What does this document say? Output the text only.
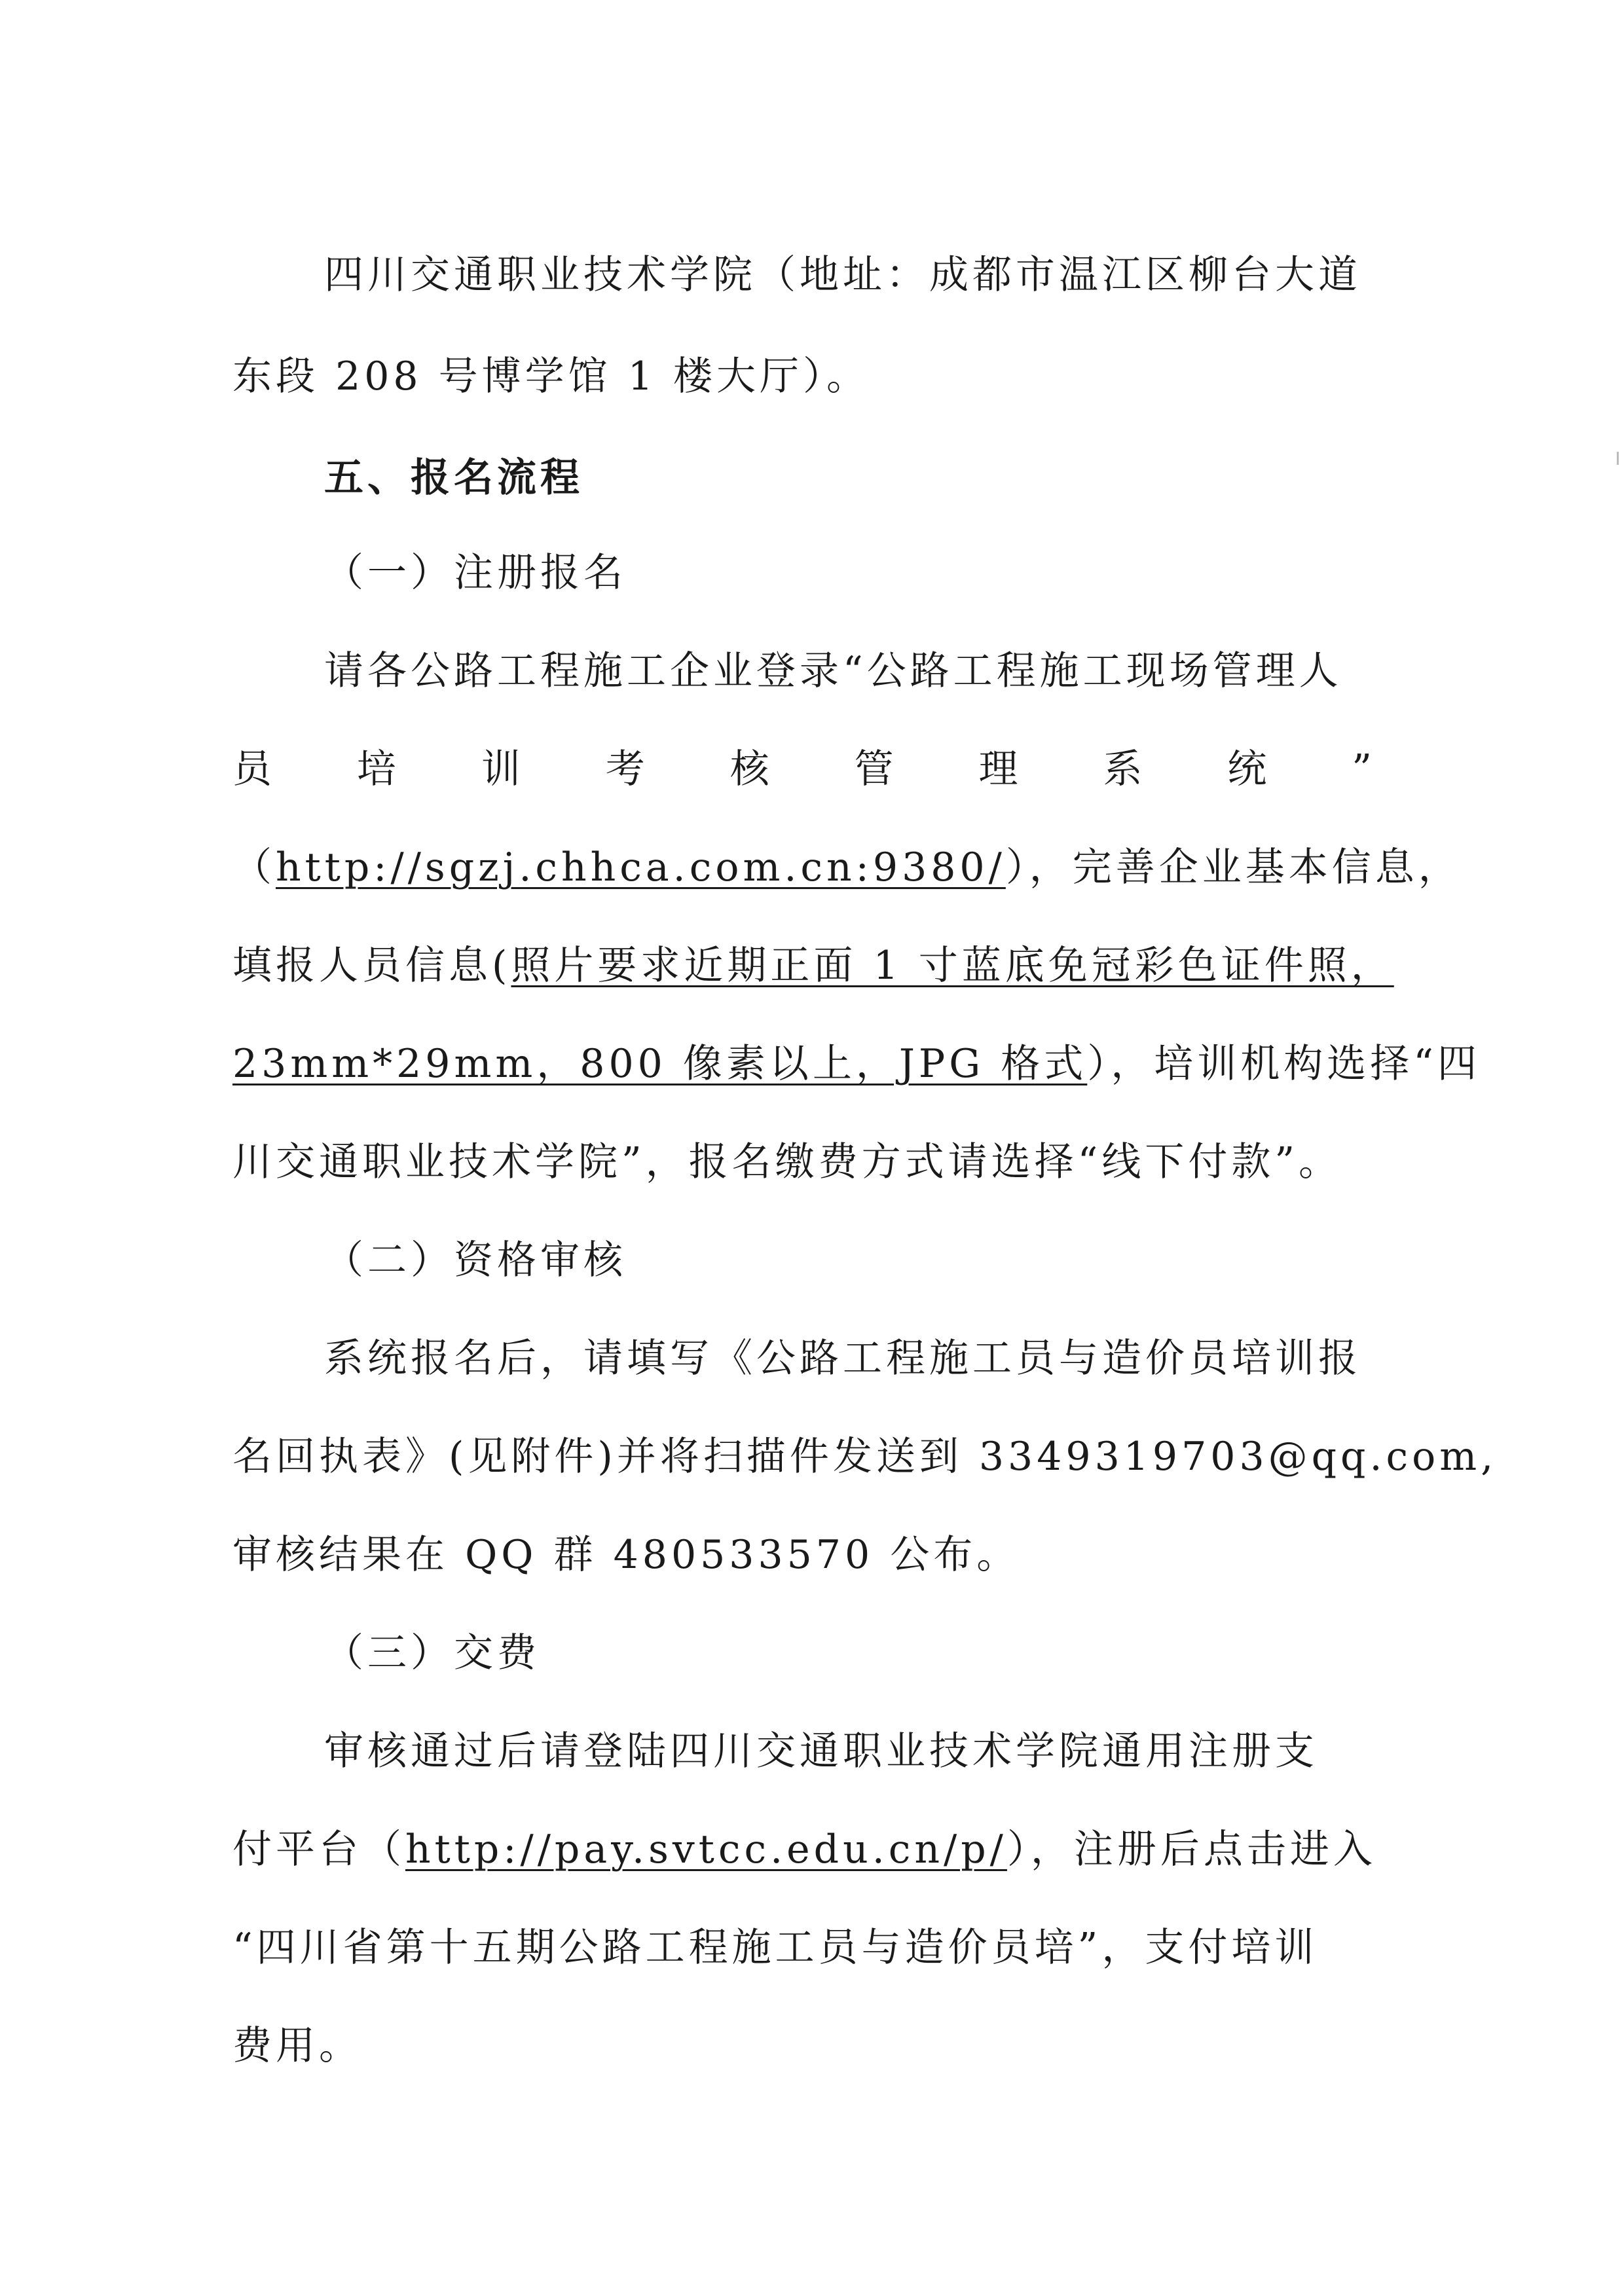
四川交通职业技术学院（地址：成都市温江区柳台大道
东段 208 号博学馆 1 楼大厅）。
五、报名流程
（一）注册报名
请各公路工程施工企业登录“公路工程施工现场管理人
员 培 训 考 核 管 理 系 统 ”
（http://sgzj.chhca.com.cn:9380/），完善企业基本信息，
填报人员信息(照片要求近期正面 1 寸蓝底免冠彩色证件照，
23mm*29mm，800 像素以上，JPG 格式），培训机构选择“四
川交通职业技术学院”，报名缴费方式请选择“线下付款”。
（二）资格审核
系统报名后，请填写《公路工程施工员与造价员培训报
名回执表》(见附件)并将扫描件发送到 3349319703@qq.com,
审核结果在 QQ 群 480533570 公布。
（三）交费
审核通过后请登陆四川交通职业技术学院通用注册支
付平台（http://pay.svtcc.edu.cn/p/），注册后点击进入
“四川省第十五期公路工程施工员与造价员培”，支付培训
费用。
